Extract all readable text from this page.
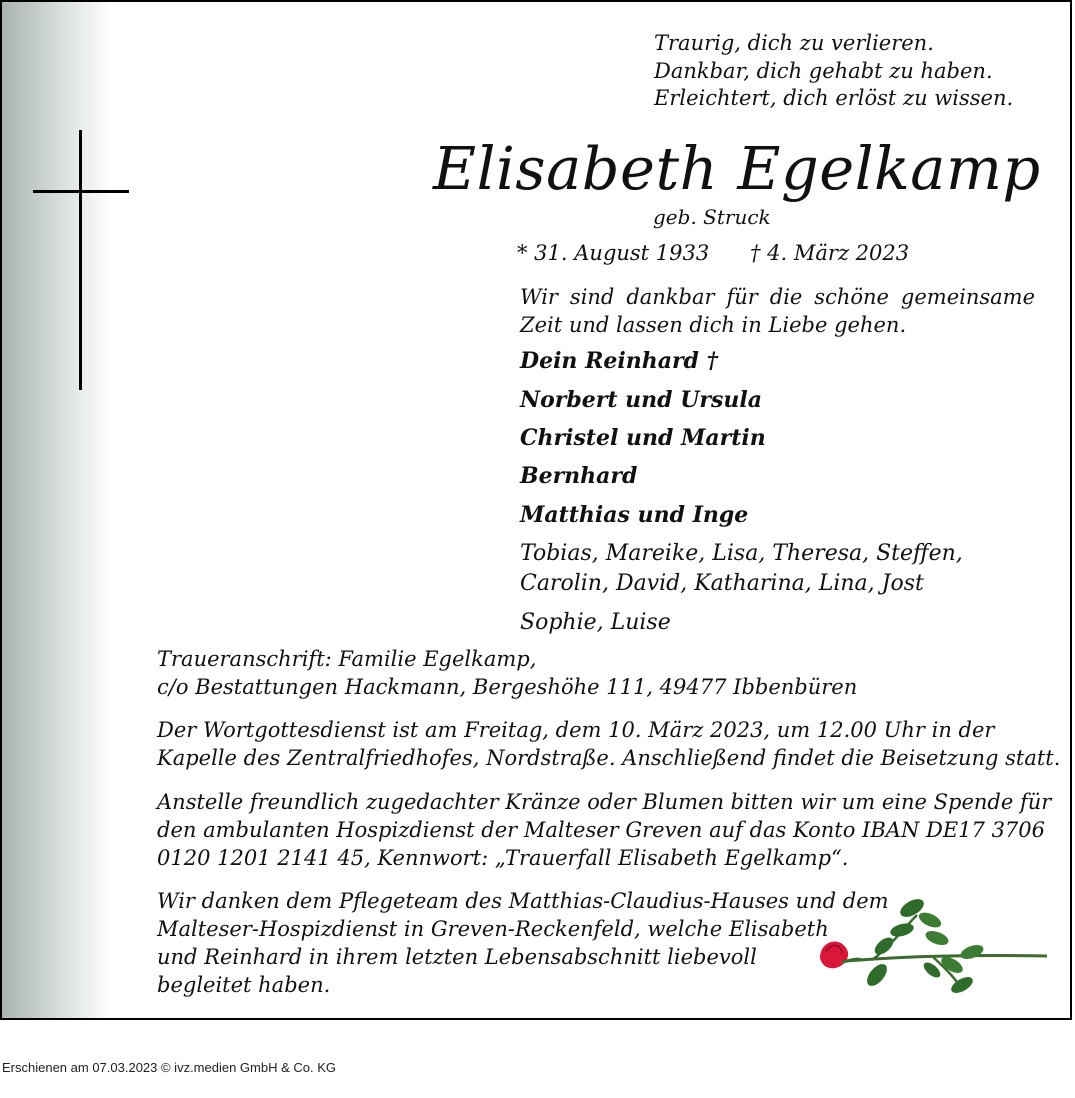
Traurig, dich zu verlieren.
Dankbar, dich gehabt zu haben.
Erleichtert, dich erlöst zu wissen.
Elisabeth Egelkamp
geb. Struck
* 31. August 1933 † 4. März 2023
Wir sind dankbar für die schöne gemeinsame Zeit und lassen dich in Liebe gehen.
Dein Reinhard †
Norbert und Ursula
Christel und Martin
Bernhard
Matthias und Inge
Tobias, Mareike, Lisa, Theresa, Steffen,
Carolin, David, Katharina, Lina, Jost
Sophie, Luise
Traueranschrift: Familie Egelkamp,
c/o Bestattungen Hackmann, Bergeshöhe 111, 49477 Ibbenbüren
Der Wortgottesdienst ist am Freitag, dem 10. März 2023, um 12.00 Uhr in der
Kapelle des Zentralfriedhofes, Nordstraße. Anschließend findet die Beisetzung statt.
Anstelle freundlich zugedachter Kränze oder Blumen bitten wir um eine Spende für
den ambulanten Hospizdienst der Malteser Greven auf das Konto IBAN DE17 3706
0120 1201 2141 45, Kennwort: „Trauerfall Elisabeth Egelkamp“.
Wir danken dem Pflegeteam des Matthias-Claudius-Hauses und dem
Malteser-Hospizdienst in Greven-Reckenfeld, welche Elisabeth
und Reinhard in ihrem letzten Lebensabschnitt liebevoll
begleitet haben.
Erschienen am 07.03.2023 © ivz.medien GmbH & Co. KG
